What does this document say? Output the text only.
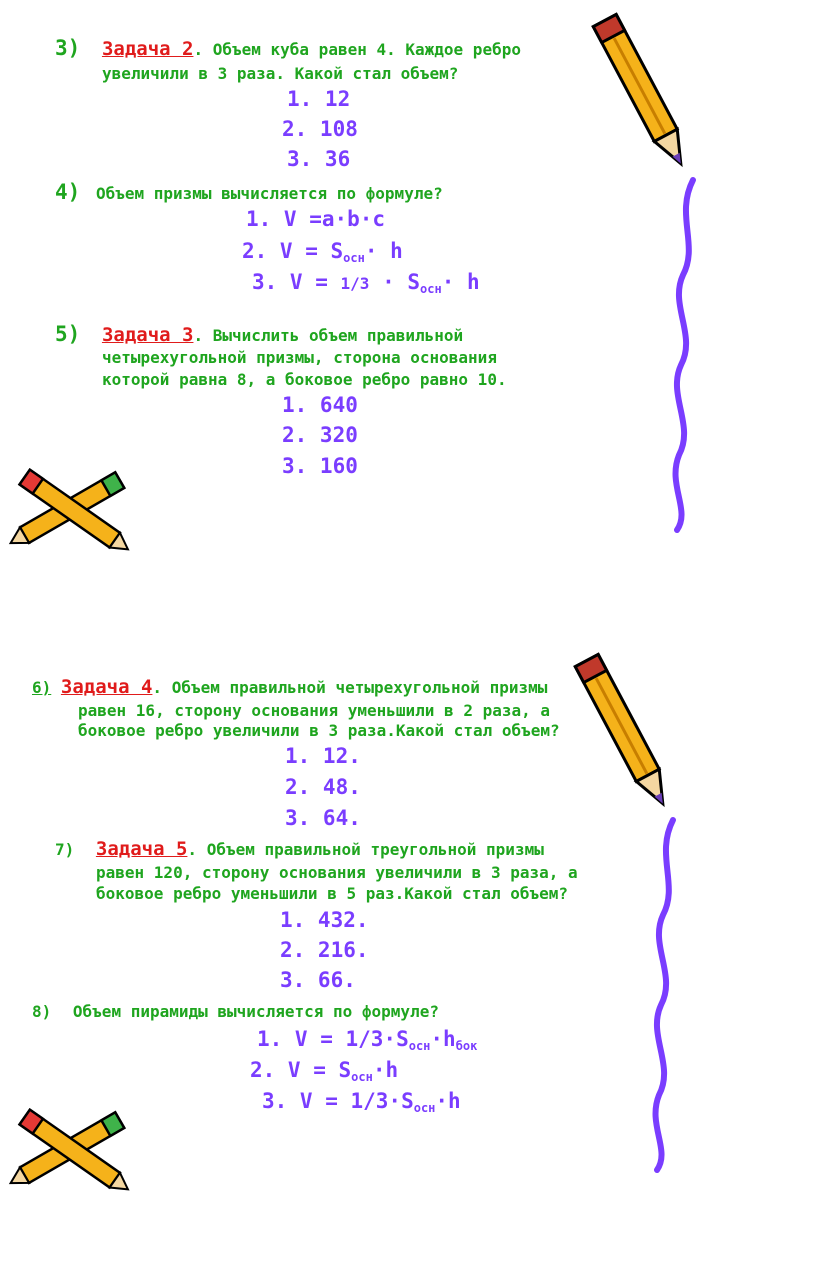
3) Задача 2. Объем куба равен 4. Каждое ребро
увеличили в 3 раза. Какой стал объем?
1. 12
2. 108
3. 36
4) Объем призмы вычисляется по формуле?
1. V =a·b·c
2. $V = S_{осн}\cdot h$
3. $V = 1/3 \cdot S_{осн}\cdot h$
5) Задача 3. Вычислить объем правильной
четырехугольной призмы, сторона основания
которой равна 8, а боковое ребро равно 10.
1. 640
2. 320
3. 160
6) Задача 4. Объем правильной четырехугольной призмы
равен 16, сторону основания уменьшили в 2 раза, а
боковое ребро увеличили в 3 раза.Какой стал объем?
1. 12.
2. 48.
3. 64.
7) Задача 5. Объем правильной треугольной призмы
равен 120, сторону основания увеличили в 3 раза, а
боковое ребро уменьшили в 5 раз.Какой стал объем?
1. 432.
2. 216.
3. 66.
8) Объем пирамиды вычисляется по формуле?
1. $V = 1/3\cdot S_{осн}\cdot h_{бок}$
2. $V = S_{осн}\cdot h$
3. $V = 1/3\cdot S_{осн}\cdot h$
